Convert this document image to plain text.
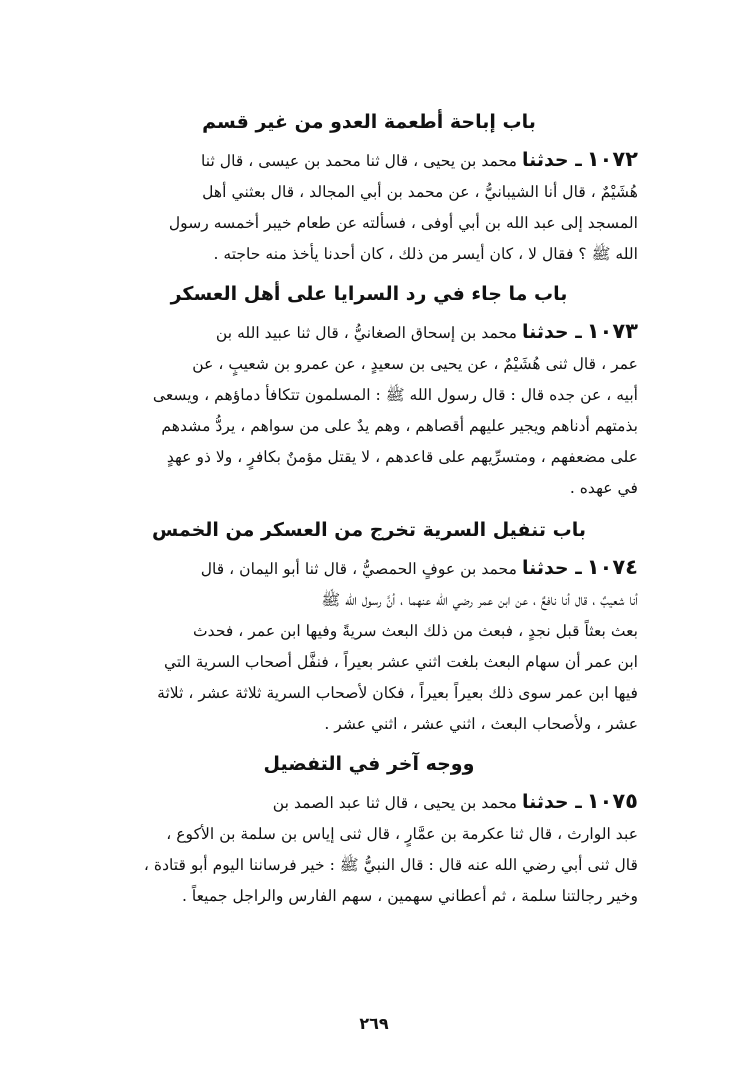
باب إباحة أطعمة العدو من غير قسم
١٠٧٢ ـ حدثنا محمد بن يحيى ، قال ثنا محمد بن عيسى ، قال ثنا
هُشَيْمٌ ، قال أنا الشيبانيُّ ، عن محمد بن أبي المجالد ، قال بعثني أهل
المسجد إلى عبد الله بن أبي أوفى ، فسألته عن طعام خيبر أخمسه رسول
الله ﷺ ؟ فقال لا ، كان أيسر من ذلك ، كان أحدنا يأخذ منه حاجته .
باب ما جاء في رد السرايا على أهل العسكر
١٠٧٣ ـ حدثنا محمد بن إسحاق الصغانيُّ ، قال ثنا عبيد الله بن
عمر ، قال ثنى هُشَيْمٌ ، عن يحيى بن سعيدٍ ، عن عمرو بن شعيبٍ ، عن
أبيه ، عن جده قال : قال رسول الله ﷺ : المسلمون تتكافأ دماؤهم ، ويسعى
بذمتهم أدناهم ويجير عليهم أقصاهم ، وهم يدٌ على من سواهم ، يردُّ مشدهم
على مضعفهم ، ومتسرِّيهم على قاعدهم ، لا يقتل مؤمنٌ بكافرٍ ، ولا ذو عهدٍ
في عهده .
باب تنفيل السرية تخرج من العسكر من الخمس
١٠٧٤ ـ حدثنا محمد بن عوفٍ الحمصيُّ ، قال ثنا أبو اليمان ، قال
أنا شعيبٌ ، قال أنا نافعٌ ، عن ابن عمر رضي الله عنهما ، أنَّ رسول الله ﷺ
بعث بعثاً قبل نجدٍ ، فبعث من ذلك البعث سريةً وفيها ابن عمر ، فحدث
ابن عمر أن سهام البعث بلغت اثني عشر بعيراً ، فنفَّل أصحاب السرية التي
فيها ابن عمر سوى ذلك بعيراً بعيراً ، فكان لأصحاب السرية ثلاثة عشر ، ثلاثة
عشر ، ولأصحاب البعث ، اثني عشر ، اثني عشر .
ووجه آخر في التفضيل
١٠٧٥ ـ حدثنا محمد بن يحيى ، قال ثنا عبد الصمد بن
عبد الوارث ، قال ثنا عكرمة بن عمَّارٍ ، قال ثنى إياس بن سلمة بن الأكوع ،
قال ثنى أبي رضي الله عنه قال : قال النبيُّ ﷺ : خير فرساننا اليوم أبو قتادة ،
وخير رجالتنا سلمة ، ثم أعطاني سهمين ، سهم الفارس والراجل جميعاً .
٢٦٩
